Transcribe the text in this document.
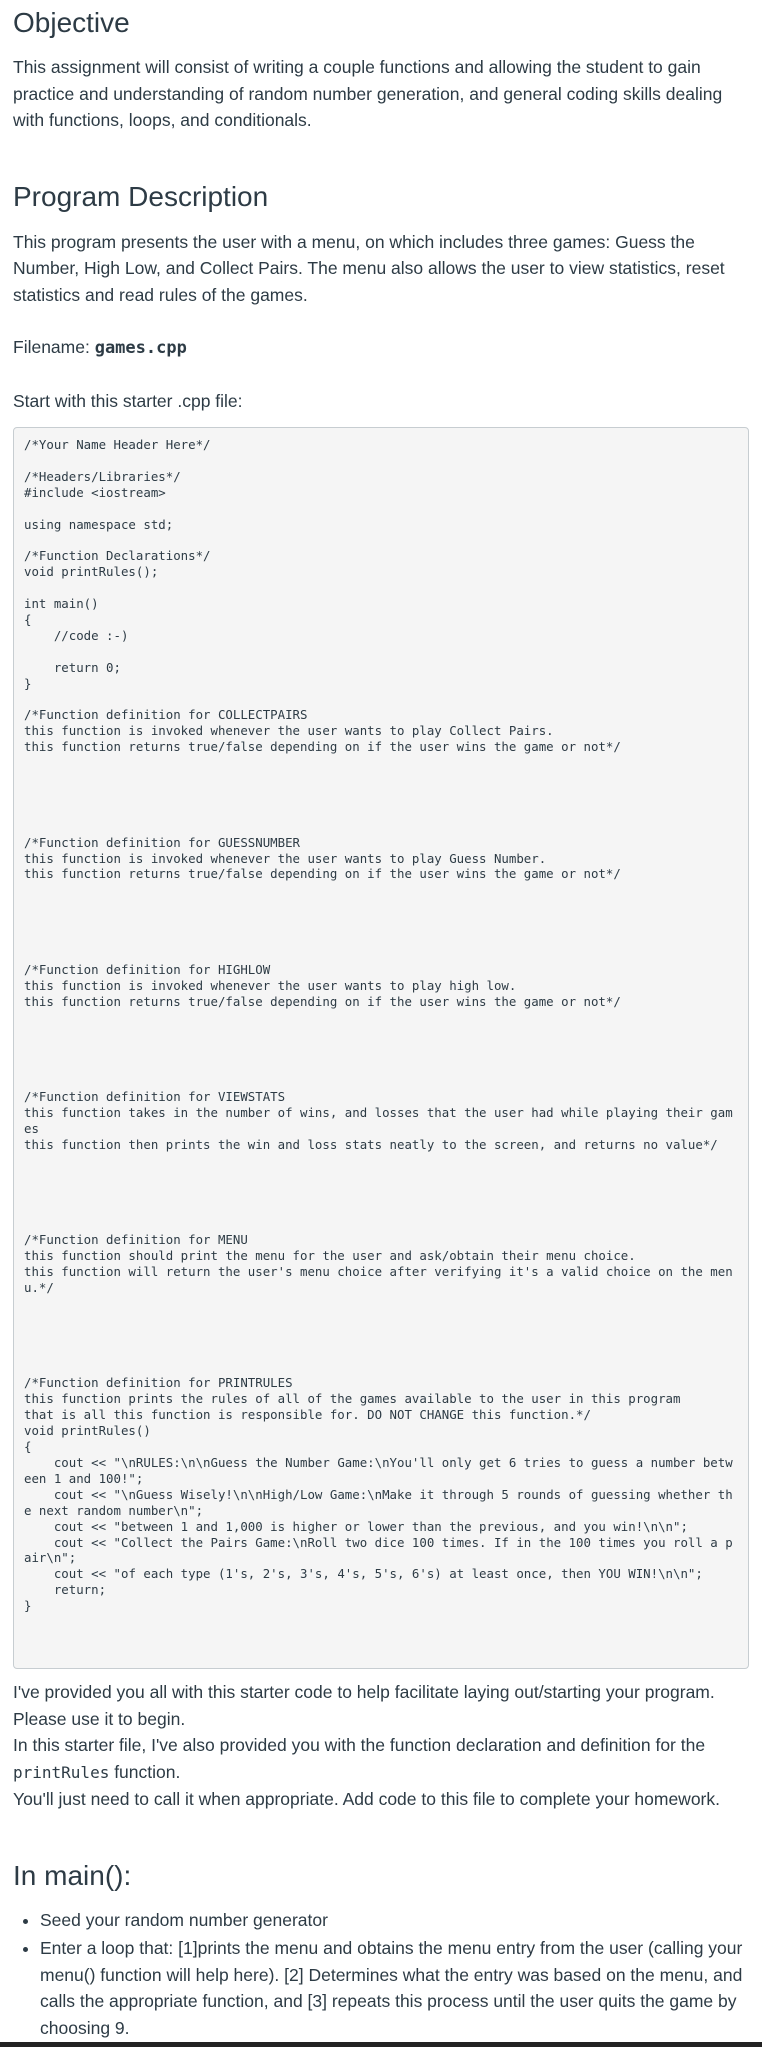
Objective

This assignment will consist of writing a couple functions and allowing the student to gain practice and understanding of random number generation, and general coding skills dealing with functions, loops, and conditionals.

Program Description

This program presents the user with a menu, on which includes three games: Guess the Number, High Low, and Collect Pairs. The menu also allows the user to view statistics, reset statistics and read rules of the games.

Filename: games.cpp

Start with this starter .cpp file:

/*Your Name Header Here*/

/*Headers/Libraries*/
#include <iostream>

using namespace std;

/*Function Declarations*/
void printRules();

int main()
{
//code :-)

return 0;
}

/*Function definition for COLLECTPAIRS
this function is invoked whenever the user wants to play Collect Pairs.
this function returns true/false depending on if the user wins the game or not*/

/*Function definition for GUESSNUMBER
this function is invoked whenever the user wants to play Guess Number.
this function returns true/false depending on if the user wins the game or not*/

/*Function definition for HIGHLOW
this function is invoked whenever the user wants to play high low.
this function returns true/false depending on if the user wins the game or not*/

/*Function definition for VIEWSTATS
this function takes in the number of wins, and losses that the user had while playing their games
this function then prints the win and loss stats neatly to the screen, and returns no value*/

/*Function definition for MENU
this function should print the menu for the user and ask/obtain their menu choice.
this function will return the user's menu choice after verifying it's a valid choice on the menu.*/

/*Function definition for PRINTRULES
this function prints the rules of all of the games available to the user in this program
that is all this function is responsible for. DO NOT CHANGE this function.*/
void printRules()
{
cout << "\nRULES:\n\nGuess the Number Game:\nYou'll only get 6 tries to guess a number between 1 and 100!";
cout << "\nGuess Wisely!\n\nHigh/Low Game:\nMake it through 5 rounds of guessing whether the next random number\n";
cout << "between 1 and 1,000 is higher or lower than the previous, and you win!\n\n";
cout << "Collect the Pairs Game:\nRoll two dice 100 times. If in the 100 times you roll a pair\n";
cout << "of each type (1's, 2's, 3's, 4's, 5's, 6's) at least once, then YOU WIN!\n\n";
return;
}

I've provided you all with this starter code to help facilitate laying out/starting your program. Please use it to begin.

In this starter file, I've also provided you with the function declaration and definition for the printRules function.

You'll just need to call it when appropriate. Add code to this file to complete your homework.

In main():
• Seed your random number generator
• Enter a loop that: [1]prints the menu and obtains the menu entry from the user (calling your menu() function will help here). [2] Determines what the entry was based on the menu, and calls the appropriate function, and [3] repeats this process until the user quits the game by choosing 9.
